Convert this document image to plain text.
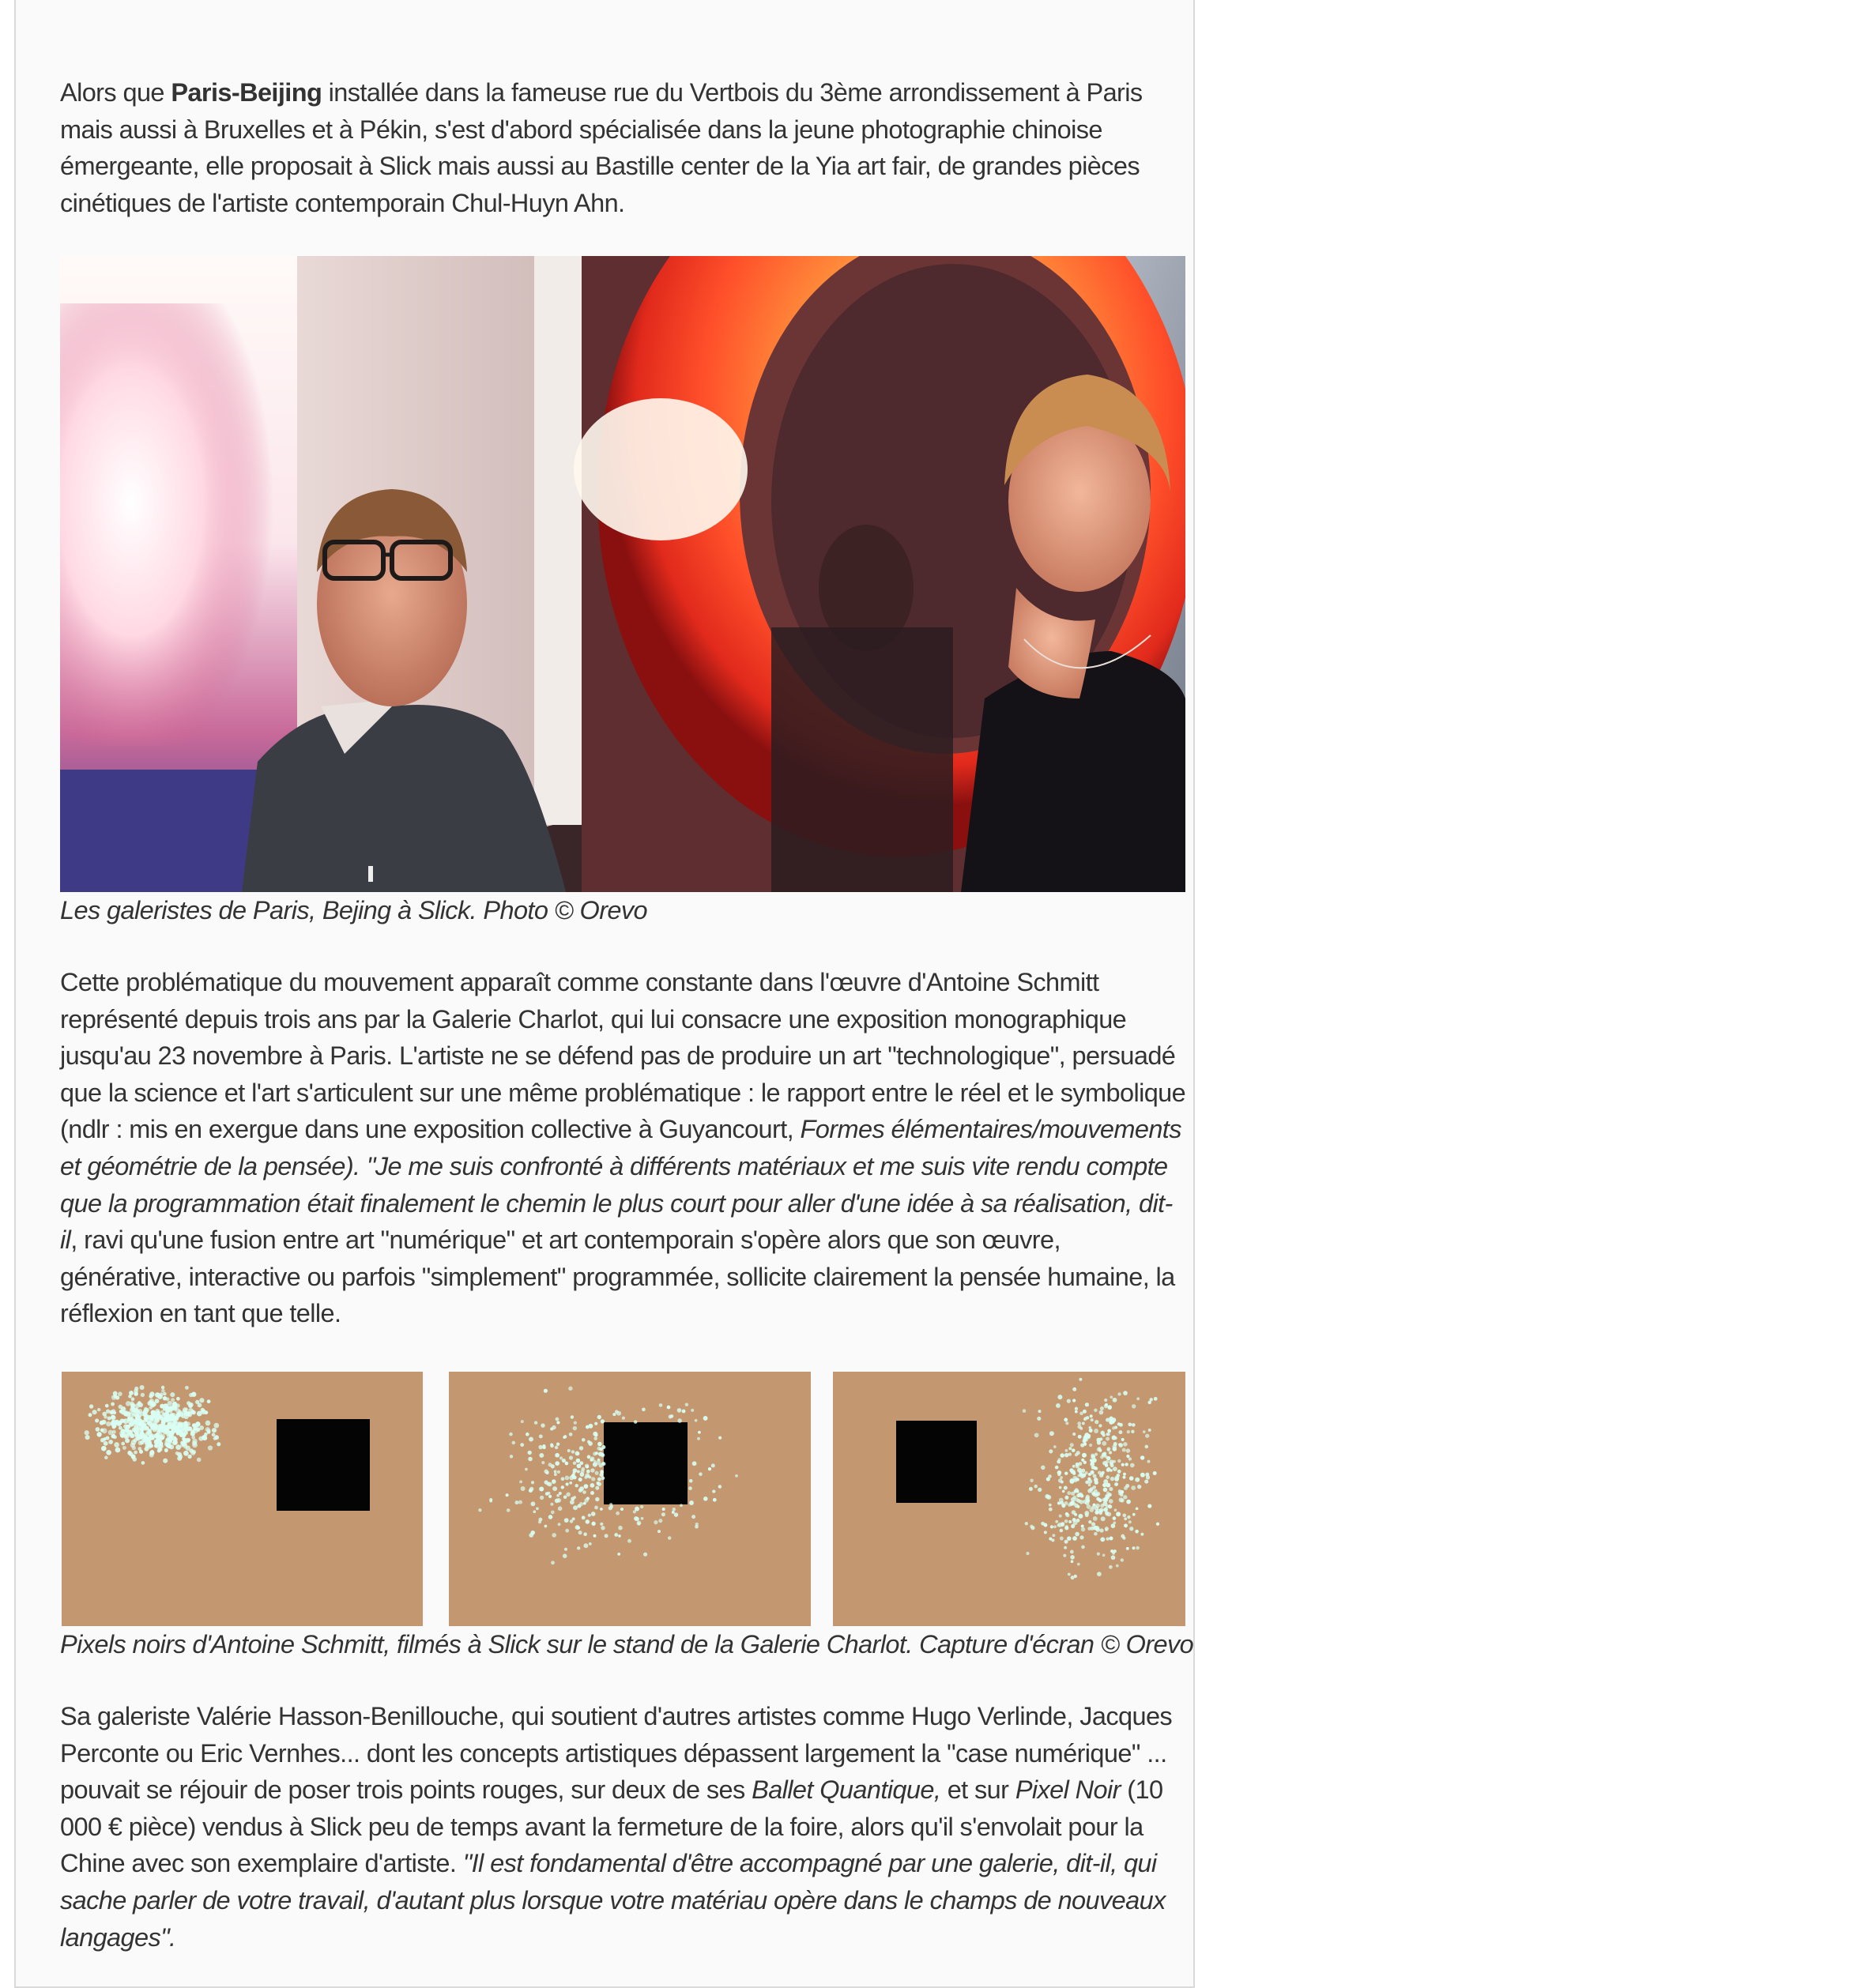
Alors que Paris-Beijing installée dans la fameuse rue du Vertbois du 3ème arrondissement à Paris mais aussi à Bruxelles et à Pékin, s'est d'abord spécialisée dans la jeune photographie chinoise émergeante, elle proposait à Slick mais aussi au Bastille center de la Yia art fair, de grandes pièces cinétiques de l'artiste contemporain Chul-Huyn Ahn.

Les galeristes de Paris, Bejing à Slick. Photo © Orevo

Cette problématique du mouvement apparaît comme constante dans l'œuvre d'Antoine Schmitt représenté depuis trois ans par la Galerie Charlot, qui lui consacre une exposition monographique jusqu'au 23 novembre à Paris. L'artiste ne se défend pas de produire un art "technologique", persuadé que la science et l'art s'articulent sur une même problématique : le rapport entre le réel et le symbolique (ndlr : mis en exergue dans une exposition collective à Guyancourt, Formes élémentaires/mouvements et géométrie de la pensée). "Je me suis confronté à différents matériaux et me suis vite rendu compte que la programmation était finalement le chemin le plus court pour aller d'une idée à sa réalisation, dit-il, ravi qu'une fusion entre art "numérique" et art contemporain s'opère alors que son œuvre, générative, interactive ou parfois "simplement" programmée, sollicite clairement la pensée humaine, la réflexion en tant que telle.

Pixels noirs d'Antoine Schmitt, filmés à Slick sur le stand de la Galerie Charlot. Capture d'écran © Orevo

Sa galeriste Valérie Hasson-Benillouche, qui soutient d'autres artistes comme Hugo Verlinde, Jacques Perconte ou Eric Vernhes... dont les concepts artistiques dépassent largement la "case numérique" ... pouvait se réjouir de poser trois points rouges, sur deux de ses Ballet Quantique, et sur Pixel Noir (10 000 € pièce) vendus à Slick peu de temps avant la fermeture de la foire, alors qu'il s'envolait pour la Chine avec son exemplaire d'artiste. "Il est fondamental d'être accompagné par une galerie, dit-il, qui sache parler de votre travail, d'autant plus lorsque votre matériau opère dans le champs de nouveaux langages".
